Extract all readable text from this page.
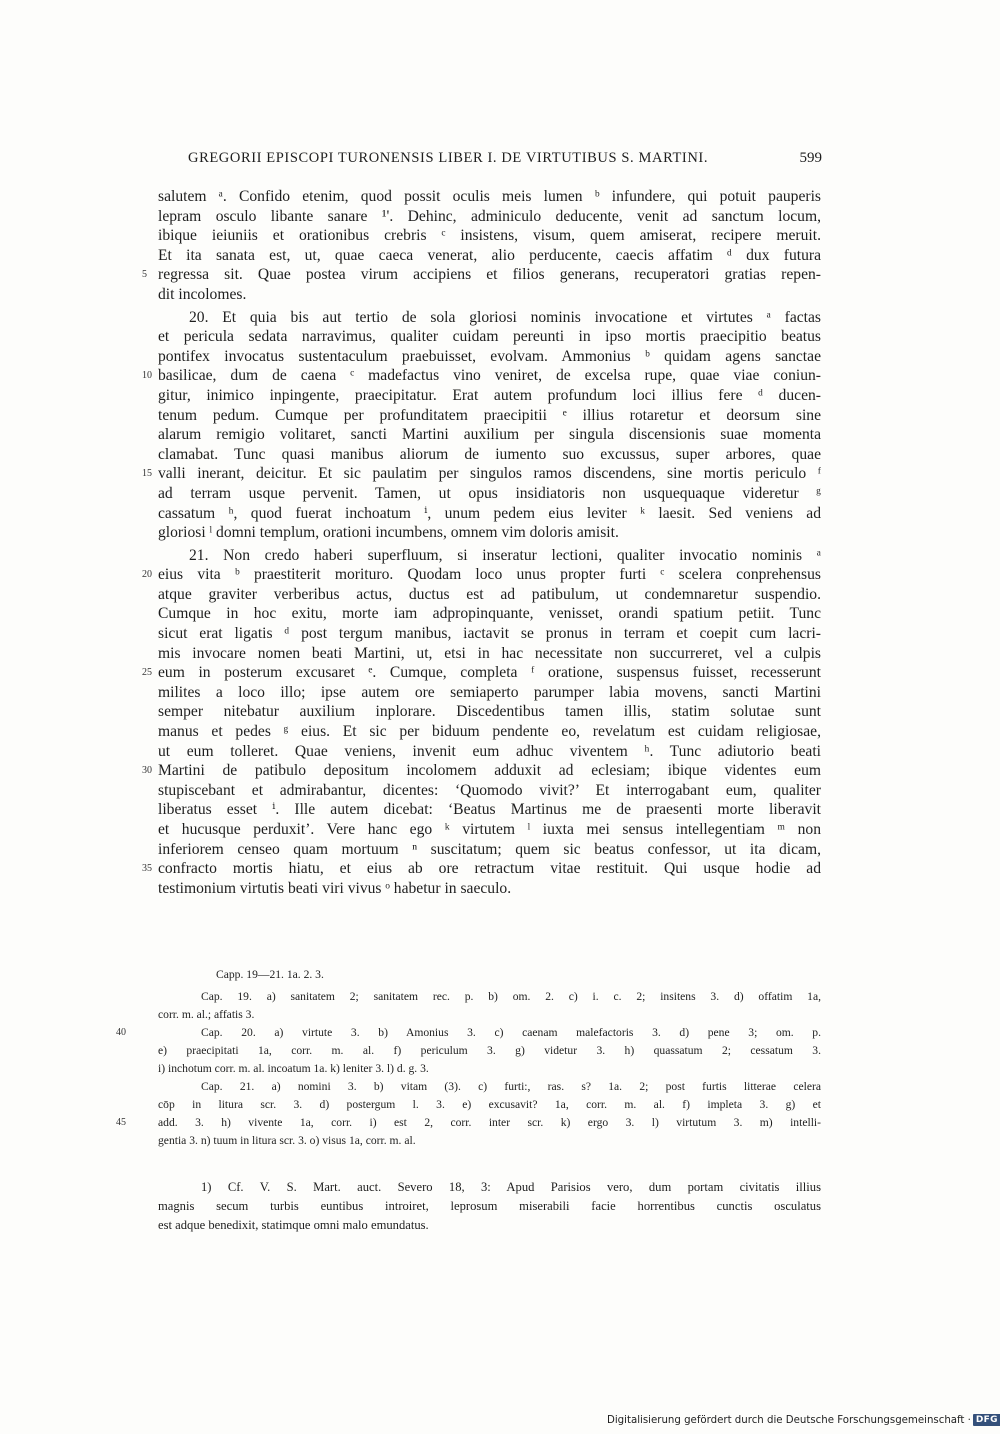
GREGORII EPISCOPI TURONENSIS LIBER I. DE VIRTUTIBUS S. MARTINI.	599
salutem ᵃ. Confido etenim, quod possit oculis meis lumen ᵇ infundere, qui potuit pauperis
lepram osculo libante sanare ¹'. Dehinc, adminiculo deducente, venit ad sanctum locum,
ibique ieiuniis et orationibus crebris ᶜ insistens, visum, quem amiserat, recipere meruit.
Et ita sanata est, ut, quae caeca venerat, alio perducente, caecis affatim ᵈ dux futura
5 regressa sit. Quae postea virum accipiens et filios generans, recuperatori gratias repen-
dit incolomes.
20. Et quia bis aut tertio de sola gloriosi nominis invocatione et virtutes ᵃ factas
et pericula sedata narravimus, qualiter cuidam pereunti in ipso mortis praecipitio beatus
pontifex invocatus sustentaculum praebuisset, evolvam. Ammonius ᵇ quidam agens sanctae
10 basilicae, dum de caena ᶜ madefactus vino veniret, de excelsa rupe, quae viae coniun-
gitur, inimico inpingente, praecipitatur. Erat autem profundum loci illius fere ᵈ ducen-
tenum pedum. Cumque per profunditatem praecipitii ᵉ illius rotaretur et deorsum sine
alarum remigio volitaret, sancti Martini auxilium per singula discensionis suae momenta
clamabat. Tunc quasi manibus aliorum de iumento suo excussus, super arbores, quae
15 valli inerant, deicitur. Et sic paulatim per singulos ramos discendens, sine mortis periculo ᶠ
ad terram usque pervenit. Tamen, ut opus insidiatoris non usquequaque videretur ᵍ
cassatum ʰ, quod fuerat inchoatum ⁱ, unum pedem eius leviter ᵏ laesit. Sed veniens ad
gloriosi ˡ domni templum, orationi incumbens, omnem vim doloris amisit.
21. Non credo haberi superfluum, si inseratur lectioni, qualiter invocatio nominis ᵃ
20 eius vita ᵇ praestiterit morituro. Quodam loco unus propter furti ᶜ scelera conprehensus
atque graviter verberibus actus, ductus est ad patibulum, ut condemnaretur suspendio.
Cumque in hoc exitu, morte iam adpropinquante, venisset, orandi spatium petiit. Tunc
sicut erat ligatis ᵈ post tergum manibus, iactavit se pronus in terram et coepit cum lacri-
mis invocare nomen beati Martini, ut, etsi in hac necessitate non succurreret, vel a culpis
25 eum in posterum excusaret ᵉ. Cumque, completa ᶠ oratione, suspensus fuisset, recesserunt
milites a loco illo; ipse autem ore semiaperto parumper labia movens, sancti Martini
semper nitebatur auxilium inplorare. Discedentibus tamen illis, statim solutae sunt
manus et pedes ᵍ eius. Et sic per biduum pendente eo, revelatum est cuidam religiosae,
ut eum tolleret. Quae veniens, invenit eum adhuc viventem ʰ. Tunc adiutorio beati
30 Martini de patibulo depositum incolomem adduxit ad eclesiam; ibique videntes eum
stupiscebant et admirabantur, dicentes: ‘Quomodo vivit?’ Et interrogabant eum, qualiter
liberatus esset ⁱ. Ille autem dicebat: ‘Beatus Martinus me de praesenti morte liberavit
et hucusque perduxit’. Vere hanc ego ᵏ virtutem ˡ iuxta mei sensus intellegentiam ᵐ non
inferiorem censeo quam mortuum ⁿ suscitatum; quem sic beatus confessor, ut ita dicam,
35 confracto mortis hiatu, et eius ab ore retractum vitae restituit. Qui usque hodie ad
testimonium virtutis beati viri vivus ᵒ habetur in saeculo.
Capp. 19—21. 1a. 2. 3.
Cap. 19. a) sanitatem 2; sanitatem rec. p. b) om. 2. c) i. c. 2; insitens 3. d) offatim 1a,
corr. m. al.; affatis 3.
40	Cap. 20. a) virtute 3. b) Amonius 3. c) caenam malefactoris 3. d) pene 3; om. p.
e) praecipitati 1a, corr. m. al. f) periculum 3. g) videtur 3. h) quassatum 2; cessatum 3.
i) inchotum corr. m. al. incoatum 1a. k) leniter 3. l) d. g. 3.
Cap. 21. a) nomini 3. b) vitam (3). c) furti:, ras. s? 1a. 2; post furtis litterae celera
cōp in litura scr. 3. d) postergum l. 3. e) excusavit? 1a, corr. m. al. f) impleta 3. g) et
45	add. 3. h) vivente 1a, corr. i) est 2, corr. inter scr. k) ergo 3. l) virtutum 3. m) intelli-
gentia 3. n) tuum in litura scr. 3. o) visus 1a, corr. m. al.
1) Cf. V. S. Mart. auct. Severo 18, 3: Apud Parisios vero, dum portam civitatis illius
magnis secum turbis euntibus introiret, leprosum miserabili facie horrentibus cunctis osculatus
est adque benedixit, statimque omni malo emundatus.
Digitalisierung gefördert durch die Deutsche Forschungsgemeinschaft · DFG
